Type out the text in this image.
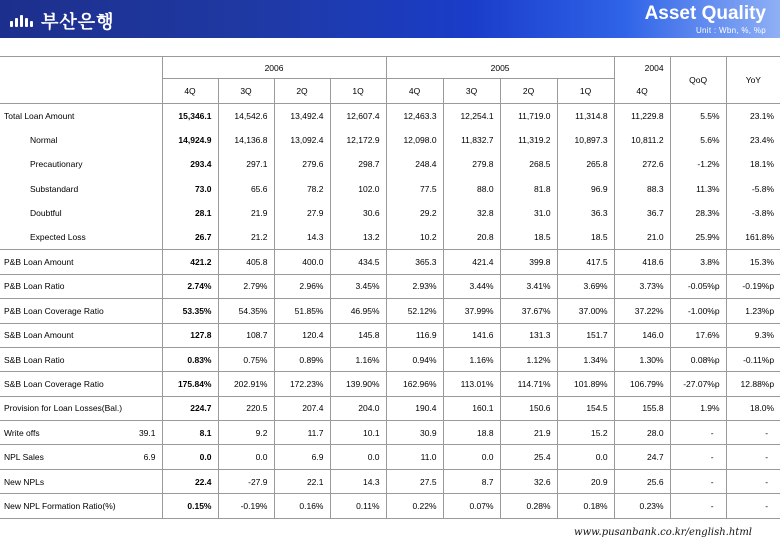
부산은행	Asset Quality
Unit : Wbn, %, %p
		2006				2005				2004	QoQ	YoY
		4Q	3Q	2Q	1Q	4Q	3Q	2Q	1Q	4Q		
Total Loan Amount		15,346.1	14,542.6	13,492.4	12,607.4	12,463.3	12,254.1	11,719.0	11,314.8	11,229.8	5.5%	23.1%
Normal		14,924.9	14,136.8	13,092.4	12,172.9	12,098.0	11,832.7	11,319.2	10,897.3	10,811.2	5.6%	23.4%
Precautionary		293.4	297.1	279.6	298.7	248.4	279.8	268.5	265.8	272.6	-1.2%	18.1%
Substandard		73.0	65.6	78.2	102.0	77.5	88.0	81.8	96.9	88.3	11.3%	-5.8%
Doubtful		28.1	21.9	27.9	30.6	29.2	32.8	31.0	36.3	36.7	28.3%	-3.8%
Expected Loss		26.7	21.2	14.3	13.2	10.2	20.8	18.5	18.5	21.0	25.9%	161.8%
P&B Loan Amount		421.2	405.8	400.0	434.5	365.3	421.4	399.8	417.5	418.6	3.8%	15.3%
P&B Loan Ratio		2.74%	2.79%	2.96%	3.45%	2.93%	3.44%	3.41%	3.69%	3.73%	-0.05%p	-0.19%p
P&B Loan Coverage Ratio		53.35%	54.35%	51.85%	46.95%	52.12%	37.99%	37.67%	37.00%	37.22%	-1.00%p	1.23%p
S&B Loan Amount		127.8	108.7	120.4	145.8	116.9	141.6	131.3	151.7	146.0	17.6%	9.3%
S&B Loan Ratio		0.83%	0.75%	0.89%	1.16%	0.94%	1.16%	1.12%	1.34%	1.30%	0.08%p	-0.11%p
S&B Loan Coverage Ratio		175.84%	202.91%	172.23%	139.90%	162.96%	113.01%	114.71%	101.89%	106.79%	-27.07%p	12.88%p
Provision for Loan Losses(Bal.)		224.7	220.5	207.4	204.0	190.4	160.1	150.6	154.5	155.8	1.9%	18.0%
Write offs	39.1	8.1	9.2	11.7	10.1	30.9	18.8	21.9	15.2	28.0	-	-
NPL Sales	6.9	0.0	0.0	6.9	0.0	11.0	0.0	25.4	0.0	24.7	-	-
New NPLs		22.4	-27.9	22.1	14.3	27.5	8.7	32.6	20.9	25.6	-	-
New NPL Formation Ratio(%)		0.15%	-0.19%	0.16%	0.11%	0.22%	0.07%	0.28%	0.18%	0.23%	-	-
www.pusanbank.co.kr/english.html
